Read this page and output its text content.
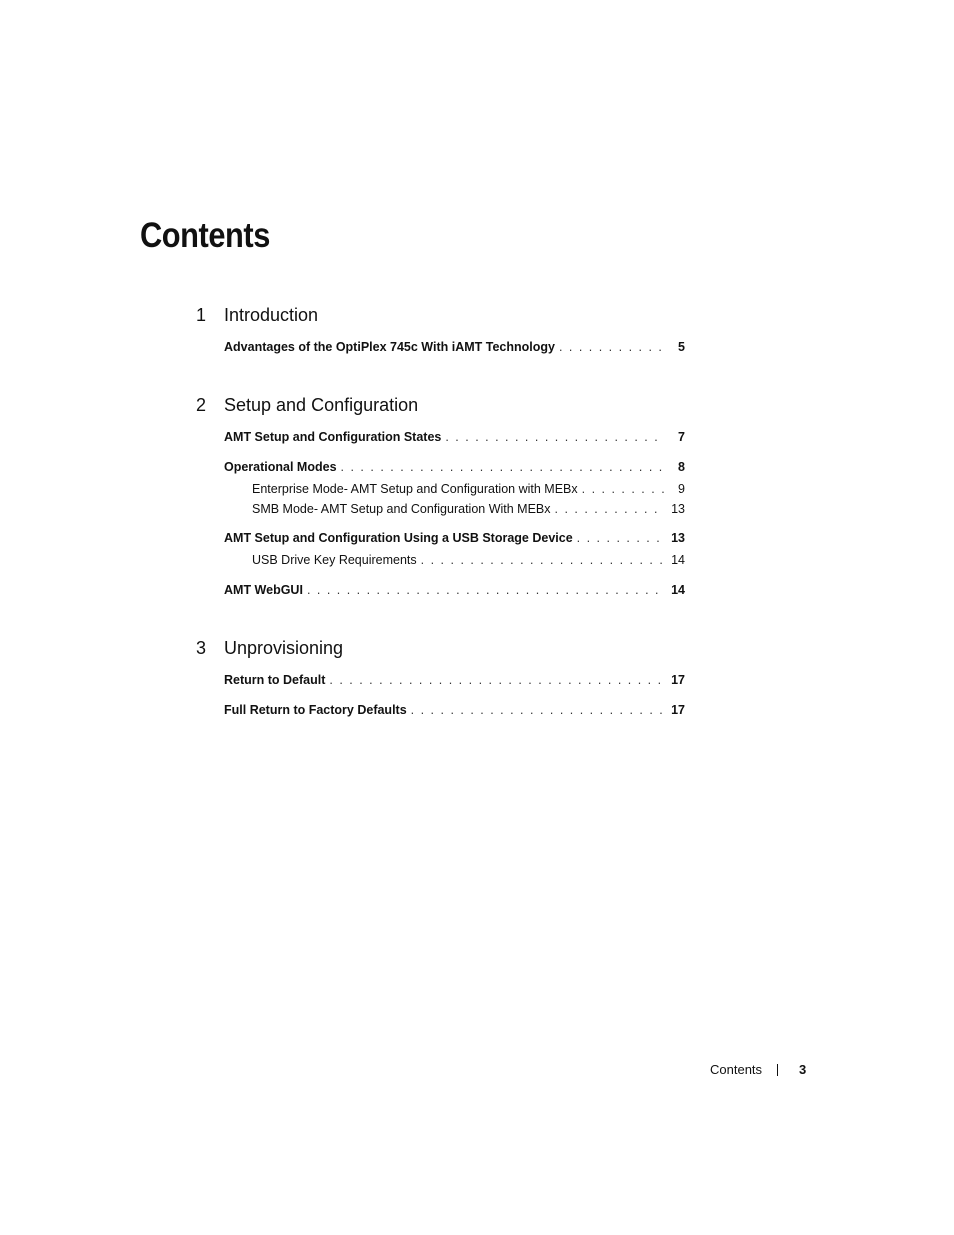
Contents
1 Introduction
Advantages of the OptiPlex 745c With iAMT Technology . . .	5
2 Setup and Configuration
AMT Setup and Configuration States . . .	7
Operational Modes . . .	8
Enterprise Mode- AMT Setup and Configuration with MEBx . . .	9
SMB Mode- AMT Setup and Configuration With MEBx . . .	13
AMT Setup and Configuration Using a USB Storage Device . . .	13
USB Drive Key Requirements . . .	14
AMT WebGUI . . .	14
3 Unprovisioning
Return to Default . . .	17
Full Return to Factory Defaults . . .	17
Contents	3
